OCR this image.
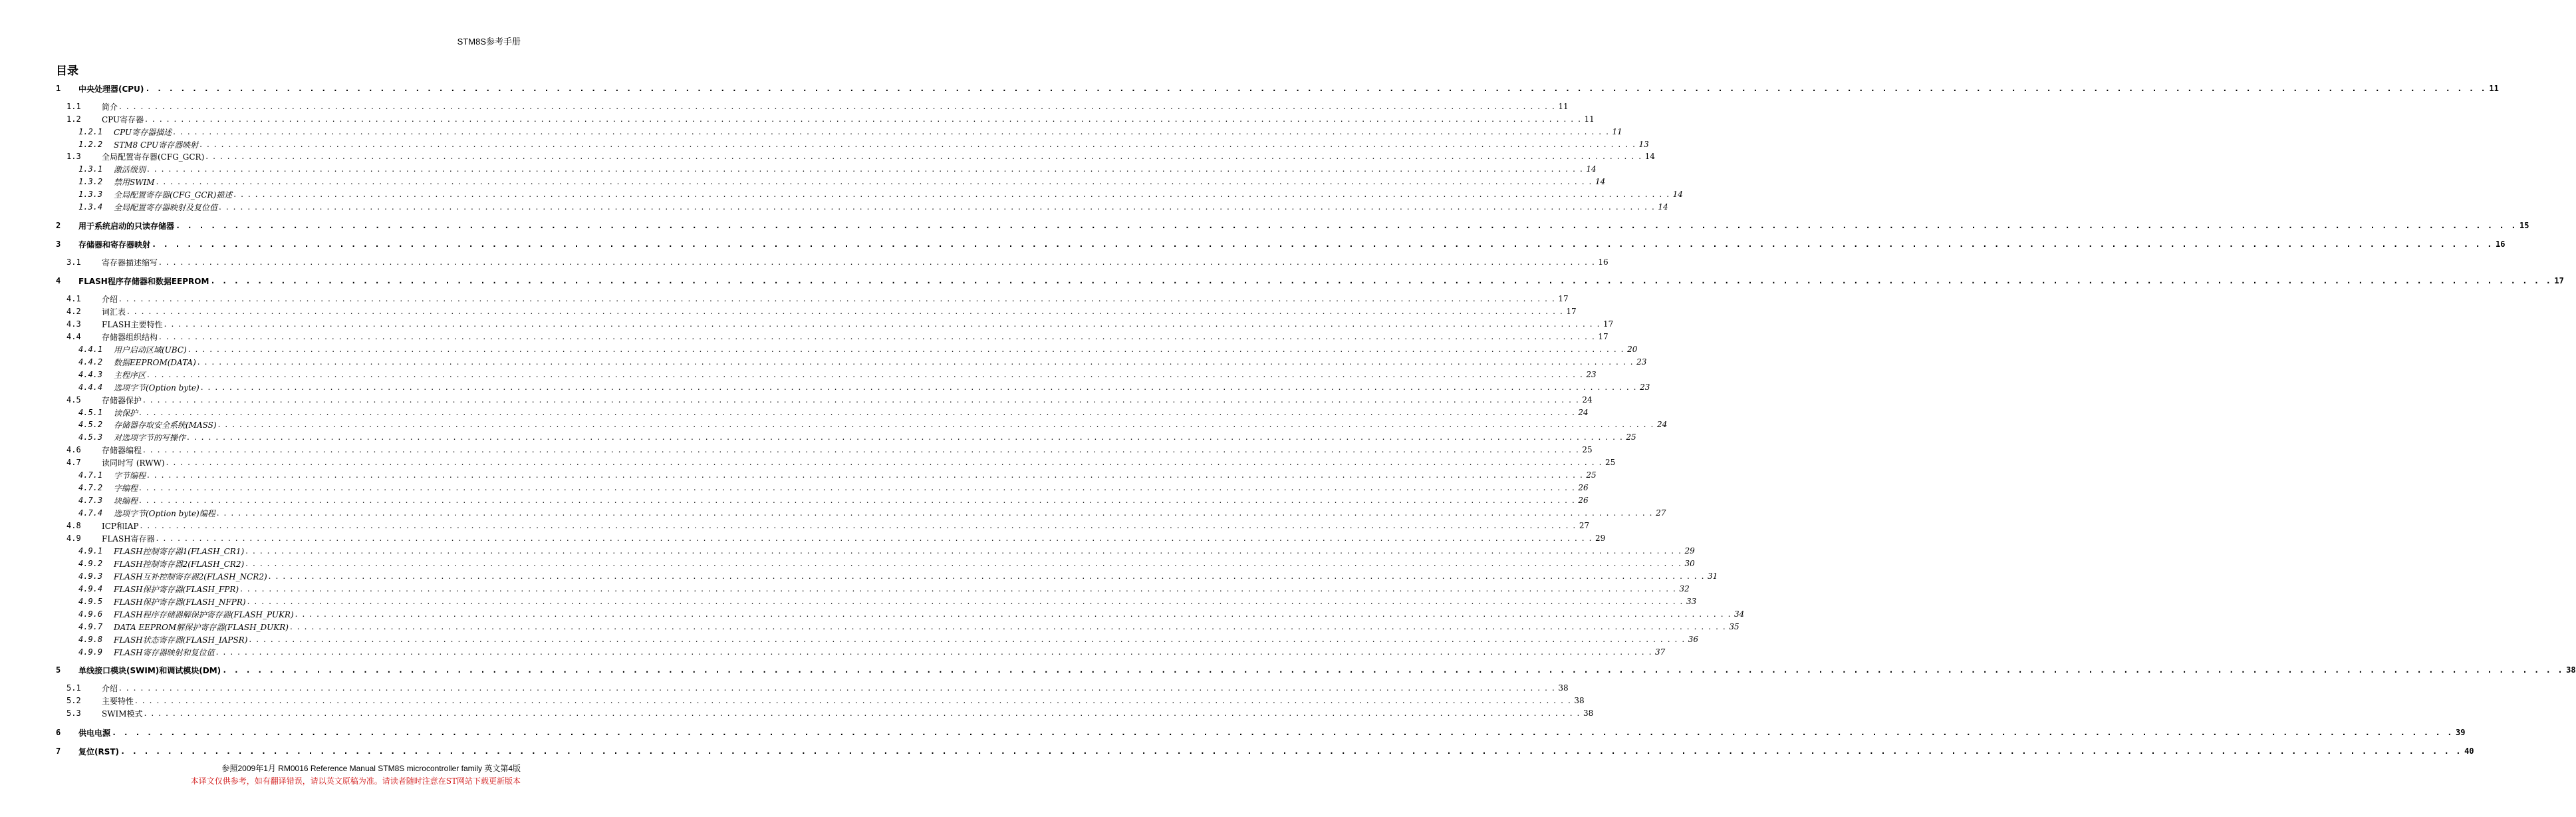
STM8S参考手册
目录
1	中央处理器(CPU) . . . . . . . . . . . . . . . . . . . . . . . . . . . . . . . . . . . . . . . . . . . . . . . . . . . . . . . . . . . . . . . . . . . . . . . . . . . . . . . . . . . . . . . . . . . . . . . . . . . . . . . . . . . . . . . . . . . . . . . . . . . . . . . . . . . . . . . . . . . . . . . . . . . . . . . . . . . . . . . . . . . . . . . . . . . . . . . . . . . . . . . . . . . . . . . . . . . . . . . . 11
1.1	简介 . . . . . . . . . . . . . . . . . . . . . . . . . . . . . . . . . . . . . . . . . . . . . . . . . . . . . . . . . . . . . . . . . . . . . . . . . . . . . . . . . . . . . . . . . . . . . . . . . . . . . . . . . . . . . . . . . . . . . . . . . . . . . . . . . . . . . . . . . . . . . . . . . . . . . . . . . . . . . . . . . . . . . . . . . . . . . . . . . . . . . . . . . . . . . . . . . . . . . . . . 11
1.2	CPU寄存器 . . . . . . . . . . . . . . . . . . . . . . . . . . . . . . . . . . . . . . . . . . . . . . . . . . . . . . . . . . . . . . . . . . . . . . . . . . . . . . . . . . . . . . . . . . . . . . . . . . . . . . . . . . . . . . . . . . . . . . . . . . . . . . . . . . . . . . . . . . . . . . . . . . . . . . . . . . . . . . . . . . . . . . . . . . . . . . . . . . . . . . . . . . . . . . . . . . . . . . . . 11
1.2.1	CPU寄存器描述 . . . . . . . . . . . . . . . . . . . . . . . . . . . . . . . . . . . . . . . . . . . . . . . . . . . . . . . . . . . . . . . . . . . . . . . . . . . . . . . . . . . . . . . . . . . . . . . . . . . . . . . . . . . . . . . . . . . . . . . . . . . . . . . . . . . . . . . . . . . . . . . . . . . . . . . . . . . . . . . . . . . . . . . . . . . . . . . . . . . . . . . . . . . . . . . . . . . . . . . . 11
1.2.2	STM8 CPU寄存器映射 . . . . . . . . . . . . . . . . . . . . . . . . . . . . . . . . . . . . . . . . . . . . . . . . . . . . . . . . . . . . . . . . . . . . . . . . . . . . . . . . . . . . . . . . . . . . . . . . . . . . . . . . . . . . . . . . . . . . . . . . . . . . . . . . . . . . . . . . . . . . . . . . . . . . . . . . . . . . . . . . . . . . . . . . . . . . . . . . . . . . . . . . . . . . . . . . . . . . . . . . 13
1.3	全局配置寄存器(CFG_GCR) . . . . . . . . . . . . . . . . . . . . . . . . . . . . . . . . . . . . . . . . . . . . . . . . . . . . . . . . . . . . . . . . . . . . . . . . . . . . . . . . . . . . . . . . . . . . . . . . . . . . . . . . . . . . . . . . . . . . . . . . . . . . . . . . . . . . . . . . . . . . . . . . . . . . . . . . . . . . . . . . . . . . . . . . . . . . . . . . . . . . . . . . . . . . . . . . . . . . . . . . 14
1.3.1	激活级别 . . . . . . . . . . . . . . . . . . . . . . . . . . . . . . . . . . . . . . . . . . . . . . . . . . . . . . . . . . . . . . . . . . . . . . . . . . . . . . . . . . . . . . . . . . . . . . . . . . . . . . . . . . . . . . . . . . . . . . . . . . . . . . . . . . . . . . . . . . . . . . . . . . . . . . . . . . . . . . . . . . . . . . . . . . . . . . . . . . . . . . . . . . . . . . . . . . . . . . . . 14
1.3.2	禁用SWIM . . . . . . . . . . . . . . . . . . . . . . . . . . . . . . . . . . . . . . . . . . . . . . . . . . . . . . . . . . . . . . . . . . . . . . . . . . . . . . . . . . . . . . . . . . . . . . . . . . . . . . . . . . . . . . . . . . . . . . . . . . . . . . . . . . . . . . . . . . . . . . . . . . . . . . . . . . . . . . . . . . . . . . . . . . . . . . . . . . . . . . . . . . . . . . . . . . . . . . . . 14
1.3.3	全局配置寄存器(CFG_GCR)描述 . . . . . . . . . . . . . . . . . . . . . . . . . . . . . . . . . . . . . . . . . . . . . . . . . . . . . . . . . . . . . . . . . . . . . . . . . . . . . . . . . . . . . . . . . . . . . . . . . . . . . . . . . . . . . . . . . . . . . . . . . . . . . . . . . . . . . . . . . . . . . . . . . . . . . . . . . . . . . . . . . . . . . . . . . . . . . . . . . . . . . . . . . . . . . . . . . . . . . . . . 14
1.3.4	全局配置寄存器映射及复位值 . . . . . . . . . . . . . . . . . . . . . . . . . . . . . . . . . . . . . . . . . . . . . . . . . . . . . . . . . . . . . . . . . . . . . . . . . . . . . . . . . . . . . . . . . . . . . . . . . . . . . . . . . . . . . . . . . . . . . . . . . . . . . . . . . . . . . . . . . . . . . . . . . . . . . . . . . . . . . . . . . . . . . . . . . . . . . . . . . . . . . . . . . . . . . . . . . . . . . . . . 14
2	用于系统启动的只读存储器 . . . . . . . . . . . . . . . . . . . . . . . . . . . . . . . . . . . . . . . . . . . . . . . . . . . . . . . . . . . . . . . . . . . . . . . . . . . . . . . . . . . . . . . . . . . . . . . . . . . . . . . . . . . . . . . . . . . . . . . . . . . . . . . . . . . . . . . . . . . . . . . . . . . . . . . . . . . . . . . . . . . . . . . . . . . . . . . . . . . . . . . . . . . . . . . . . . . . . . . . 15
3	存储器和寄存器映射 . . . . . . . . . . . . . . . . . . . . . . . . . . . . . . . . . . . . . . . . . . . . . . . . . . . . . . . . . . . . . . . . . . . . . . . . . . . . . . . . . . . . . . . . . . . . . . . . . . . . . . . . . . . . . . . . . . . . . . . . . . . . . . . . . . . . . . . . . . . . . . . . . . . . . . . . . . . . . . . . . . . . . . . . . . . . . . . . . . . . . . . . . . . . . . . . . . . . . . . . 16
3.1	寄存器描述缩写 . . . . . . . . . . . . . . . . . . . . . . . . . . . . . . . . . . . . . . . . . . . . . . . . . . . . . . . . . . . . . . . . . . . . . . . . . . . . . . . . . . . . . . . . . . . . . . . . . . . . . . . . . . . . . . . . . . . . . . . . . . . . . . . . . . . . . . . . . . . . . . . . . . . . . . . . . . . . . . . . . . . . . . . . . . . . . . . . . . . . . . . . . . . . . . . . . . . . . . . . 16
4	FLASH程序存储器和数据EEPROM . . . . . . . . . . . . . . . . . . . . . . . . . . . . . . . . . . . . . . . . . . . . . . . . . . . . . . . . . . . . . . . . . . . . . . . . . . . . . . . . . . . . . . . . . . . . . . . . . . . . . . . . . . . . . . . . . . . . . . . . . . . . . . . . . . . . . . . . . . . . . . . . . . . . . . . . . . . . . . . . . . . . . . . . . . . . . . . . . . . . . . . . . . . . . . . . . . . . . . . . 17
4.1	介绍 . . . . . . . . . . . . . . . . . . . . . . . . . . . . . . . . . . . . . . . . . . . . . . . . . . . . . . . . . . . . . . . . . . . . . . . . . . . . . . . . . . . . . . . . . . . . . . . . . . . . . . . . . . . . . . . . . . . . . . . . . . . . . . . . . . . . . . . . . . . . . . . . . . . . . . . . . . . . . . . . . . . . . . . . . . . . . . . . . . . . . . . . . . . . . . . . . . . . . . . . 17
4.2	词汇表 . . . . . . . . . . . . . . . . . . . . . . . . . . . . . . . . . . . . . . . . . . . . . . . . . . . . . . . . . . . . . . . . . . . . . . . . . . . . . . . . . . . . . . . . . . . . . . . . . . . . . . . . . . . . . . . . . . . . . . . . . . . . . . . . . . . . . . . . . . . . . . . . . . . . . . . . . . . . . . . . . . . . . . . . . . . . . . . . . . . . . . . . . . . . . . . . . . . . . . . . 17
4.3	FLASH主要特性 . . . . . . . . . . . . . . . . . . . . . . . . . . . . . . . . . . . . . . . . . . . . . . . . . . . . . . . . . . . . . . . . . . . . . . . . . . . . . . . . . . . . . . . . . . . . . . . . . . . . . . . . . . . . . . . . . . . . . . . . . . . . . . . . . . . . . . . . . . . . . . . . . . . . . . . . . . . . . . . . . . . . . . . . . . . . . . . . . . . . . . . . . . . . . . . . . . . . . . . . 17
4.4	存储器组织结构 . . . . . . . . . . . . . . . . . . . . . . . . . . . . . . . . . . . . . . . . . . . . . . . . . . . . . . . . . . . . . . . . . . . . . . . . . . . . . . . . . . . . . . . . . . . . . . . . . . . . . . . . . . . . . . . . . . . . . . . . . . . . . . . . . . . . . . . . . . . . . . . . . . . . . . . . . . . . . . . . . . . . . . . . . . . . . . . . . . . . . . . . . . . . . . . . . . . . . . . . 17
4.4.1	用户启动区域(UBC) . . . . . . . . . . . . . . . . . . . . . . . . . . . . . . . . . . . . . . . . . . . . . . . . . . . . . . . . . . . . . . . . . . . . . . . . . . . . . . . . . . . . . . . . . . . . . . . . . . . . . . . . . . . . . . . . . . . . . . . . . . . . . . . . . . . . . . . . . . . . . . . . . . . . . . . . . . . . . . . . . . . . . . . . . . . . . . . . . . . . . . . . . . . . . . . . . . . . . . . . 20
4.4.2	数据EEPROM(DATA) . . . . . . . . . . . . . . . . . . . . . . . . . . . . . . . . . . . . . . . . . . . . . . . . . . . . . . . . . . . . . . . . . . . . . . . . . . . . . . . . . . . . . . . . . . . . . . . . . . . . . . . . . . . . . . . . . . . . . . . . . . . . . . . . . . . . . . . . . . . . . . . . . . . . . . . . . . . . . . . . . . . . . . . . . . . . . . . . . . . . . . . . . . . . . . . . . . . . . . . . 23
4.4.3	主程序区 . . . . . . . . . . . . . . . . . . . . . . . . . . . . . . . . . . . . . . . . . . . . . . . . . . . . . . . . . . . . . . . . . . . . . . . . . . . . . . . . . . . . . . . . . . . . . . . . . . . . . . . . . . . . . . . . . . . . . . . . . . . . . . . . . . . . . . . . . . . . . . . . . . . . . . . . . . . . . . . . . . . . . . . . . . . . . . . . . . . . . . . . . . . . . . . . . . . . . . . . 23
4.4.4	选项字节(Option byte) . . . . . . . . . . . . . . . . . . . . . . . . . . . . . . . . . . . . . . . . . . . . . . . . . . . . . . . . . . . . . . . . . . . . . . . . . . . . . . . . . . . . . . . . . . . . . . . . . . . . . . . . . . . . . . . . . . . . . . . . . . . . . . . . . . . . . . . . . . . . . . . . . . . . . . . . . . . . . . . . . . . . . . . . . . . . . . . . . . . . . . . . . . . . . . . . . . . . . . . . 23
4.5	存储器保护 . . . . . . . . . . . . . . . . . . . . . . . . . . . . . . . . . . . . . . . . . . . . . . . . . . . . . . . . . . . . . . . . . . . . . . . . . . . . . . . . . . . . . . . . . . . . . . . . . . . . . . . . . . . . . . . . . . . . . . . . . . . . . . . . . . . . . . . . . . . . . . . . . . . . . . . . . . . . . . . . . . . . . . . . . . . . . . . . . . . . . . . . . . . . . . . . . . . . . . . . 24
4.5.1	读保护 . . . . . . . . . . . . . . . . . . . . . . . . . . . . . . . . . . . . . . . . . . . . . . . . . . . . . . . . . . . . . . . . . . . . . . . . . . . . . . . . . . . . . . . . . . . . . . . . . . . . . . . . . . . . . . . . . . . . . . . . . . . . . . . . . . . . . . . . . . . . . . . . . . . . . . . . . . . . . . . . . . . . . . . . . . . . . . . . . . . . . . . . . . . . . . . . . . . . . . . . 24
4.5.2	存储器存取安全系统(MASS) . . . . . . . . . . . . . . . . . . . . . . . . . . . . . . . . . . . . . . . . . . . . . . . . . . . . . . . . . . . . . . . . . . . . . . . . . . . . . . . . . . . . . . . . . . . . . . . . . . . . . . . . . . . . . . . . . . . . . . . . . . . . . . . . . . . . . . . . . . . . . . . . . . . . . . . . . . . . . . . . . . . . . . . . . . . . . . . . . . . . . . . . . . . . . . . . . . . . . . . . 24
4.5.3	对选项字节的写操作 . . . . . . . . . . . . . . . . . . . . . . . . . . . . . . . . . . . . . . . . . . . . . . . . . . . . . . . . . . . . . . . . . . . . . . . . . . . . . . . . . . . . . . . . . . . . . . . . . . . . . . . . . . . . . . . . . . . . . . . . . . . . . . . . . . . . . . . . . . . . . . . . . . . . . . . . . . . . . . . . . . . . . . . . . . . . . . . . . . . . . . . . . . . . . . . . . . . . . . . . 25
4.6	存储器编程 . . . . . . . . . . . . . . . . . . . . . . . . . . . . . . . . . . . . . . . . . . . . . . . . . . . . . . . . . . . . . . . . . . . . . . . . . . . . . . . . . . . . . . . . . . . . . . . . . . . . . . . . . . . . . . . . . . . . . . . . . . . . . . . . . . . . . . . . . . . . . . . . . . . . . . . . . . . . . . . . . . . . . . . . . . . . . . . . . . . . . . . . . . . . . . . . . . . . . . . . 25
4.7	读同时写 (RWW) . . . . . . . . . . . . . . . . . . . . . . . . . . . . . . . . . . . . . . . . . . . . . . . . . . . . . . . . . . . . . . . . . . . . . . . . . . . . . . . . . . . . . . . . . . . . . . . . . . . . . . . . . . . . . . . . . . . . . . . . . . . . . . . . . . . . . . . . . . . . . . . . . . . . . . . . . . . . . . . . . . . . . . . . . . . . . . . . . . . . . . . . . . . . . . . . . . . . . . . . 25
4.7.1	字节编程 . . . . . . . . . . . . . . . . . . . . . . . . . . . . . . . . . . . . . . . . . . . . . . . . . . . . . . . . . . . . . . . . . . . . . . . . . . . . . . . . . . . . . . . . . . . . . . . . . . . . . . . . . . . . . . . . . . . . . . . . . . . . . . . . . . . . . . . . . . . . . . . . . . . . . . . . . . . . . . . . . . . . . . . . . . . . . . . . . . . . . . . . . . . . . . . . . . . . . . . . 25
4.7.2	字编程 . . . . . . . . . . . . . . . . . . . . . . . . . . . . . . . . . . . . . . . . . . . . . . . . . . . . . . . . . . . . . . . . . . . . . . . . . . . . . . . . . . . . . . . . . . . . . . . . . . . . . . . . . . . . . . . . . . . . . . . . . . . . . . . . . . . . . . . . . . . . . . . . . . . . . . . . . . . . . . . . . . . . . . . . . . . . . . . . . . . . . . . . . . . . . . . . . . . . . . . . 26
4.7.3	块编程 . . . . . . . . . . . . . . . . . . . . . . . . . . . . . . . . . . . . . . . . . . . . . . . . . . . . . . . . . . . . . . . . . . . . . . . . . . . . . . . . . . . . . . . . . . . . . . . . . . . . . . . . . . . . . . . . . . . . . . . . . . . . . . . . . . . . . . . . . . . . . . . . . . . . . . . . . . . . . . . . . . . . . . . . . . . . . . . . . . . . . . . . . . . . . . . . . . . . . . . . 26
4.7.4	选项字节(Option byte)编程 . . . . . . . . . . . . . . . . . . . . . . . . . . . . . . . . . . . . . . . . . . . . . . . . . . . . . . . . . . . . . . . . . . . . . . . . . . . . . . . . . . . . . . . . . . . . . . . . . . . . . . . . . . . . . . . . . . . . . . . . . . . . . . . . . . . . . . . . . . . . . . . . . . . . . . . . . . . . . . . . . . . . . . . . . . . . . . . . . . . . . . . . . . . . . . . . . . . . . . . . 27
4.8	ICP和IAP . . . . . . . . . . . . . . . . . . . . . . . . . . . . . . . . . . . . . . . . . . . . . . . . . . . . . . . . . . . . . . . . . . . . . . . . . . . . . . . . . . . . . . . . . . . . . . . . . . . . . . . . . . . . . . . . . . . . . . . . . . . . . . . . . . . . . . . . . . . . . . . . . . . . . . . . . . . . . . . . . . . . . . . . . . . . . . . . . . . . . . . . . . . . . . . . . . . . . . . . 27
4.9	FLASH寄存器 . . . . . . . . . . . . . . . . . . . . . . . . . . . . . . . . . . . . . . . . . . . . . . . . . . . . . . . . . . . . . . . . . . . . . . . . . . . . . . . . . . . . . . . . . . . . . . . . . . . . . . . . . . . . . . . . . . . . . . . . . . . . . . . . . . . . . . . . . . . . . . . . . . . . . . . . . . . . . . . . . . . . . . . . . . . . . . . . . . . . . . . . . . . . . . . . . . . . . . . . 29
4.9.1	FLASH控制寄存器1(FLASH_CR1) . . . . . . . . . . . . . . . . . . . . . . . . . . . . . . . . . . . . . . . . . . . . . . . . . . . . . . . . . . . . . . . . . . . . . . . . . . . . . . . . . . . . . . . . . . . . . . . . . . . . . . . . . . . . . . . . . . . . . . . . . . . . . . . . . . . . . . . . . . . . . . . . . . . . . . . . . . . . . . . . . . . . . . . . . . . . . . . . . . . . . . . . . . . . . . . . . . . . . . . . 29
4.9.2	FLASH控制寄存器2(FLASH_CR2) . . . . . . . . . . . . . . . . . . . . . . . . . . . . . . . . . . . . . . . . . . . . . . . . . . . . . . . . . . . . . . . . . . . . . . . . . . . . . . . . . . . . . . . . . . . . . . . . . . . . . . . . . . . . . . . . . . . . . . . . . . . . . . . . . . . . . . . . . . . . . . . . . . . . . . . . . . . . . . . . . . . . . . . . . . . . . . . . . . . . . . . . . . . . . . . . . . . . . . . . 30
4.9.3	FLASH互补控制寄存器2(FLASH_NCR2) . . . . . . . . . . . . . . . . . . . . . . . . . . . . . . . . . . . . . . . . . . . . . . . . . . . . . . . . . . . . . . . . . . . . . . . . . . . . . . . . . . . . . . . . . . . . . . . . . . . . . . . . . . . . . . . . . . . . . . . . . . . . . . . . . . . . . . . . . . . . . . . . . . . . . . . . . . . . . . . . . . . . . . . . . . . . . . . . . . . . . . . . . . . . . . . . . . . . . . . . 31
4.9.4	FLASH保护寄存器(FLASH_FPR) . . . . . . . . . . . . . . . . . . . . . . . . . . . . . . . . . . . . . . . . . . . . . . . . . . . . . . . . . . . . . . . . . . . . . . . . . . . . . . . . . . . . . . . . . . . . . . . . . . . . . . . . . . . . . . . . . . . . . . . . . . . . . . . . . . . . . . . . . . . . . . . . . . . . . . . . . . . . . . . . . . . . . . . . . . . . . . . . . . . . . . . . . . . . . . . . . . . . . . . . 32
4.9.5	FLASH保护寄存器(FLASH_NFPR) . . . . . . . . . . . . . . . . . . . . . . . . . . . . . . . . . . . . . . . . . . . . . . . . . . . . . . . . . . . . . . . . . . . . . . . . . . . . . . . . . . . . . . . . . . . . . . . . . . . . . . . . . . . . . . . . . . . . . . . . . . . . . . . . . . . . . . . . . . . . . . . . . . . . . . . . . . . . . . . . . . . . . . . . . . . . . . . . . . . . . . . . . . . . . . . . . . . . . . . . 33
4.9.6	FLASH程序存储器解保护寄存器(FLASH_PUKR) . . . . . . . . . . . . . . . . . . . . . . . . . . . . . . . . . . . . . . . . . . . . . . . . . . . . . . . . . . . . . . . . . . . . . . . . . . . . . . . . . . . . . . . . . . . . . . . . . . . . . . . . . . . . . . . . . . . . . . . . . . . . . . . . . . . . . . . . . . . . . . . . . . . . . . . . . . . . . . . . . . . . . . . . . . . . . . . . . . . . . . . . . . . . . . . . . . . . . . . . 34
4.9.7	DATA EEPROM解保护寄存器(FLASH_DUKR) . . . . . . . . . . . . . . . . . . . . . . . . . . . . . . . . . . . . . . . . . . . . . . . . . . . . . . . . . . . . . . . . . . . . . . . . . . . . . . . . . . . . . . . . . . . . . . . . . . . . . . . . . . . . . . . . . . . . . . . . . . . . . . . . . . . . . . . . . . . . . . . . . . . . . . . . . . . . . . . . . . . . . . . . . . . . . . . . . . . . . . . . . . . . . . . . . . . . . . . . 35
4.9.8	FLASH状态寄存器(FLASH_IAPSR) . . . . . . . . . . . . . . . . . . . . . . . . . . . . . . . . . . . . . . . . . . . . . . . . . . . . . . . . . . . . . . . . . . . . . . . . . . . . . . . . . . . . . . . . . . . . . . . . . . . . . . . . . . . . . . . . . . . . . . . . . . . . . . . . . . . . . . . . . . . . . . . . . . . . . . . . . . . . . . . . . . . . . . . . . . . . . . . . . . . . . . . . . . . . . . . . . . . . . . . . 36
4.9.9	FLASH寄存器映射和复位值 . . . . . . . . . . . . . . . . . . . . . . . . . . . . . . . . . . . . . . . . . . . . . . . . . . . . . . . . . . . . . . . . . . . . . . . . . . . . . . . . . . . . . . . . . . . . . . . . . . . . . . . . . . . . . . . . . . . . . . . . . . . . . . . . . . . . . . . . . . . . . . . . . . . . . . . . . . . . . . . . . . . . . . . . . . . . . . . . . . . . . . . . . . . . . . . . . . . . . . . . 37
5	单线接口模块(SWIM)和调试模块(DM) . . . . . . . . . . . . . . . . . . . . . . . . . . . . . . . . . . . . . . . . . . . . . . . . . . . . . . . . . . . . . . . . . . . . . . . . . . . . . . . . . . . . . . . . . . . . . . . . . . . . . . . . . . . . . . . . . . . . . . . . . . . . . . . . . . . . . . . . . . . . . . . . . . . . . . . . . . . . . . . . . . . . . . . . . . . . . . . . . . . . . . . . . . . . . . . . . . . . . . . . 38
5.1	介绍 . . . . . . . . . . . . . . . . . . . . . . . . . . . . . . . . . . . . . . . . . . . . . . . . . . . . . . . . . . . . . . . . . . . . . . . . . . . . . . . . . . . . . . . . . . . . . . . . . . . . . . . . . . . . . . . . . . . . . . . . . . . . . . . . . . . . . . . . . . . . . . . . . . . . . . . . . . . . . . . . . . . . . . . . . . . . . . . . . . . . . . . . . . . . . . . . . . . . . . . . 38
5.2	主要特性 . . . . . . . . . . . . . . . . . . . . . . . . . . . . . . . . . . . . . . . . . . . . . . . . . . . . . . . . . . . . . . . . . . . . . . . . . . . . . . . . . . . . . . . . . . . . . . . . . . . . . . . . . . . . . . . . . . . . . . . . . . . . . . . . . . . . . . . . . . . . . . . . . . . . . . . . . . . . . . . . . . . . . . . . . . . . . . . . . . . . . . . . . . . . . . . . . . . . . . . . 38
5.3	SWIM模式 . . . . . . . . . . . . . . . . . . . . . . . . . . . . . . . . . . . . . . . . . . . . . . . . . . . . . . . . . . . . . . . . . . . . . . . . . . . . . . . . . . . . . . . . . . . . . . . . . . . . . . . . . . . . . . . . . . . . . . . . . . . . . . . . . . . . . . . . . . . . . . . . . . . . . . . . . . . . . . . . . . . . . . . . . . . . . . . . . . . . . . . . . . . . . . . . . . . . . . . . 38
6	供电电源 . . . . . . . . . . . . . . . . . . . . . . . . . . . . . . . . . . . . . . . . . . . . . . . . . . . . . . . . . . . . . . . . . . . . . . . . . . . . . . . . . . . . . . . . . . . . . . . . . . . . . . . . . . . . . . . . . . . . . . . . . . . . . . . . . . . . . . . . . . . . . . . . . . . . . . . . . . . . . . . . . . . . . . . . . . . . . . . . . . . . . . . . . . . . . . . . . . . . . . . . 39
7	复位(RST) . . . . . . . . . . . . . . . . . . . . . . . . . . . . . . . . . . . . . . . . . . . . . . . . . . . . . . . . . . . . . . . . . . . . . . . . . . . . . . . . . . . . . . . . . . . . . . . . . . . . . . . . . . . . . . . . . . . . . . . . . . . . . . . . . . . . . . . . . . . . . . . . . . . . . . . . . . . . . . . . . . . . . . . . . . . . . . . . . . . . . . . . . . . . . . . . . . . . . . . . 40
参照2009年1月 RM0016 Reference Manual STM8S microcontroller family 英文第4版
本译文仅供参考，如有翻译错误，请以英文原稿为准。请读者随时注意在ST网站下载更新版本
